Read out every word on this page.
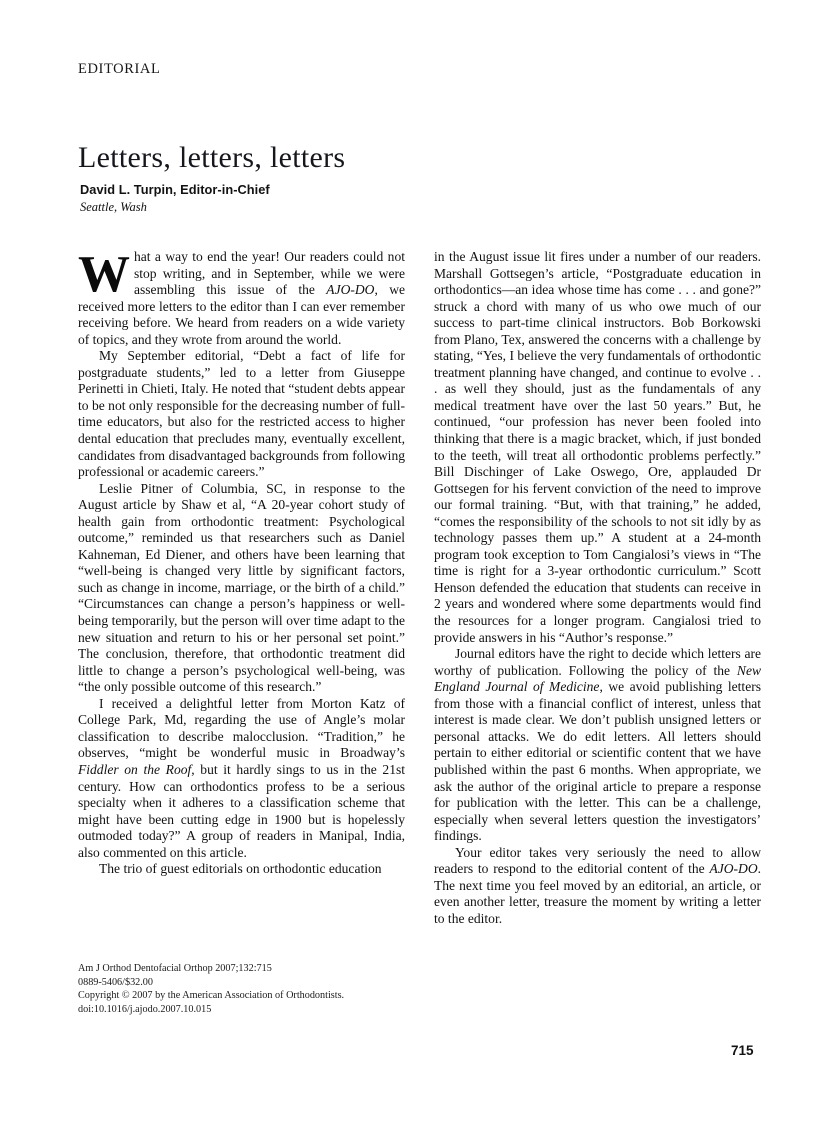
EDITORIAL
Letters, letters, letters
David L. Turpin, Editor-in-Chief
Seattle, Wash

What a way to end the year! Our readers could not stop writing, and in September, while we were assembling this issue of the AJO-DO, we received more letters to the editor than I can ever remember receiving before. We heard from readers on a wide variety of topics, and they wrote from around the world.

My September editorial, “Debt a fact of life for postgraduate students,” led to a letter from Giuseppe Perinetti in Chieti, Italy. He noted that “student debts appear to be not only responsible for the decreasing number of full-time educators, but also for the restricted access to higher dental education that precludes many, eventually excellent, candidates from disadvantaged backgrounds from following professional or academic careers.”

Leslie Pitner of Columbia, SC, in response to the August article by Shaw et al, “A 20-year cohort study of health gain from orthodontic treatment: Psychological outcome,” reminded us that researchers such as Daniel Kahneman, Ed Diener, and others have been learning that “well-being is changed very little by significant factors, such as change in income, marriage, or the birth of a child.” “Circumstances can change a person’s happiness or well-being temporarily, but the person will over time adapt to the new situation and return to his or her personal set point.” The conclusion, therefore, that orthodontic treatment did little to change a person’s psychological well-being, was “the only possible outcome of this research.”

I received a delightful letter from Morton Katz of College Park, Md, regarding the use of Angle’s molar classification to describe malocclusion. “Tradition,” he observes, “might be wonderful music in Broadway’s Fiddler on the Roof, but it hardly sings to us in the 21st century. How can orthodontics profess to be a serious specialty when it adheres to a classification scheme that might have been cutting edge in 1900 but is hopelessly outmoded today?” A group of readers in Manipal, India, also commented on this article.

The trio of guest editorials on orthodontic education

in the August issue lit fires under a number of our readers. Marshall Gottsegen’s article, “Postgraduate education in orthodontics—an idea whose time has come . . . and gone?” struck a chord with many of us who owe much of our success to part-time clinical instructors. Bob Borkowski from Plano, Tex, answered the concerns with a challenge by stating, “Yes, I believe the very fundamentals of orthodontic treatment planning have changed, and continue to evolve . . . as well they should, just as the fundamentals of any medical treatment have over the last 50 years.” But, he continued, “our profession has never been fooled into thinking that there is a magic bracket, which, if just bonded to the teeth, will treat all orthodontic problems perfectly.” Bill Dischinger of Lake Oswego, Ore, applauded Dr Gottsegen for his fervent conviction of the need to improve our formal training. “But, with that training,” he added, “comes the responsibility of the schools to not sit idly by as technology passes them up.” A student at a 24-month program took exception to Tom Cangialosi’s views in “The time is right for a 3-year orthodontic curriculum.” Scott Henson defended the education that students can receive in 2 years and wondered where some departments would find the resources for a longer program. Cangialosi tried to provide answers in his “Author’s response.”

Journal editors have the right to decide which letters are worthy of publication. Following the policy of the New England Journal of Medicine, we avoid publishing letters from those with a financial conflict of interest, unless that interest is made clear. We don’t publish unsigned letters or personal attacks. We do edit letters. All letters should pertain to either editorial or scientific content that we have published within the past 6 months. When appropriate, we ask the author of the original article to prepare a response for publication with the letter. This can be a challenge, especially when several letters question the investigators’ findings.

Your editor takes very seriously the need to allow readers to respond to the editorial content of the AJO-DO. The next time you feel moved by an editorial, an article, or even another letter, treasure the moment by writing a letter to the editor.

Am J Orthod Dentofacial Orthop 2007;132:715
0889-5406/$32.00
Copyright © 2007 by the American Association of Orthodontists.
doi:10.1016/j.ajodo.2007.10.015
715
